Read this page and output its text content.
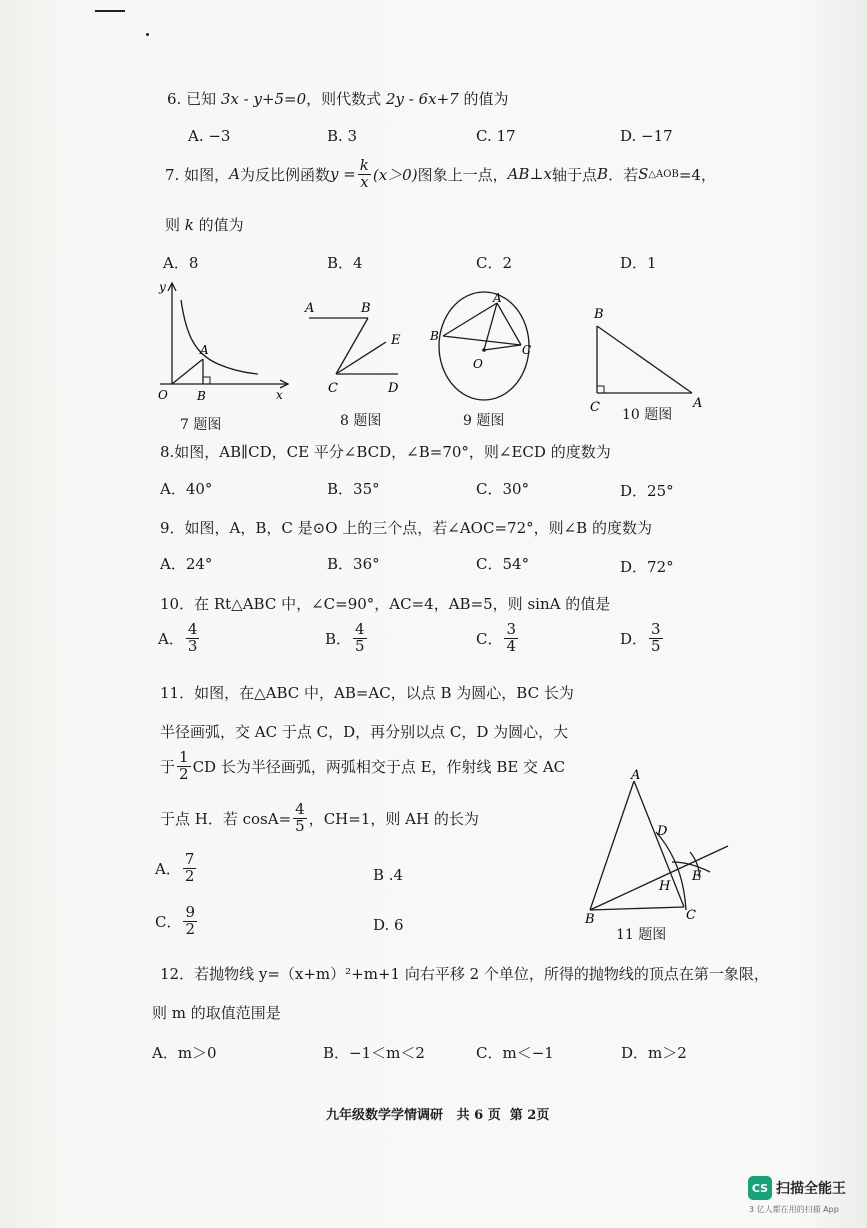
6. 已知 3x - y+5=0，则代数式 2y - 6x+7 的值为
A. −3	B. 3	C. 17	D. −17
7. 如图， A 为反比例函数 $y = \frac{k}{x} (x>0)$ 图象上一点， AB⊥x 轴于点 B ．若 S △AOB =4，
则 k 的值为
A．8	B．4	C．2	D．1
y
x
O
A
B
A	B
C	D
E
A
B
C
O
B
C	A
7 题图	8 题图	9 题图	10 题图
8.如图，AB∥CD，CE 平分∠BCD，∠B=70°，则∠ECD 的度数为
A．40°	B．35°	C．30°	D．25°
9．如图，A，B，C 是⊙O 上的三个点，若∠AOC=72°，则∠B 的度数为
A．24°	B．36°	C．54°	D．72°
10．在 Rt△ABC 中，∠C=90°，AC=4，AB=5，则 sinA 的值是
A． $\frac{4}{3}$	B． $\frac{4}{5}$	C． $\frac{3}{4}$	D． $\frac{3}{5}$
11．如图，在△ABC 中，AB=AC，以点 B 为圆心，BC 长为
半径画弧，交 AC 于点 C，D，再分别以点 C，D 为圆心，大
于 $\frac{1}{2}$ CD 长为半径画弧，两弧相交于点 E，作射线 BE 交 AC
于点 H．若 $\cos A= \frac{4}{5}$ ，CH=1，则 AH 的长为
A． $\frac{7}{2}$	B .4
C． $\frac{9}{2}$	D. 6
A
D
E
H
B	C
11 题图
12．若抛物线 y=（x+m）²+m+1 向右平移 2 个单位，所得的抛物线的顶点在第一象限，
则 m 的取值范围是
A．m＞0	B．−1＜m＜2	C．m＜−1	D．m＞2
九年级数学学情调研 共 6 页 第 2页
CS 扫描全能王
3 亿人都在用的扫描 App
